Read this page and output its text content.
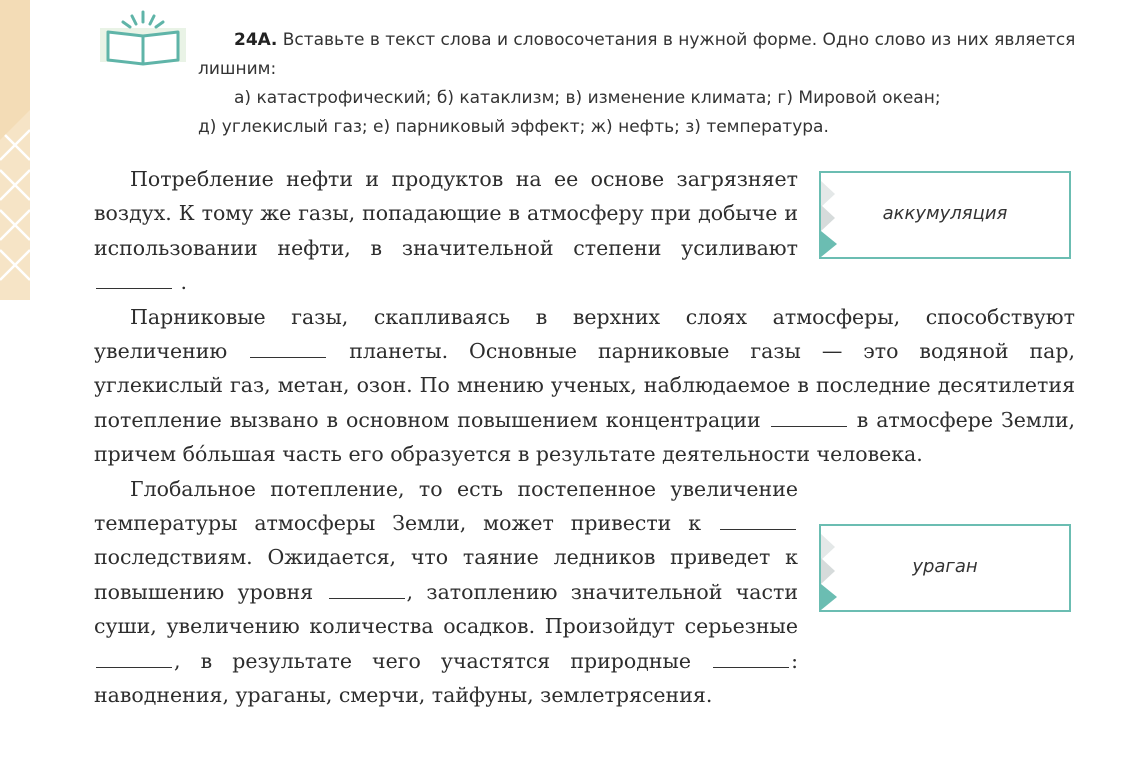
24А. Вставьте в текст слова и словосочетания в нужной форме. Одно слово из них является лишним:

а) катастрофический; б) катаклизм; в) изменение климата; г) Мировой океан;

д) углекислый газ; е) парниковый эффект; ж) нефть; з) температура.

аккумуляция
ураган

Потребление нефти и продуктов на ее основе загрязняет воздух. К тому же газы, попадающие в атмосферу при добыче и использовании нефти, в значительной степени усиливают  .

Парниковые газы, скапливаясь в верхних слоях атмосферы, способствуют увеличению	планеты. Основные парниковые газы — это водяной пар, углекислый газ, метан, озон. По мнению ученых, наблюдаемое в последние десятилетия потепление вызвано в основном повышением концентрации	в атмосфере Земли, причем бо́льшая часть его образуется в результате деятельности человека.

Глобальное потепление, то есть постепенное увеличение температуры атмосферы Земли, может привести к  последствиям. Ожидается, что таяние ледников приведет к повышению уровня	, затоплению значительной части суши, увеличению количества осадков. Произойдут серьезные , в результате чего участятся природные	: наводнения, ураганы, смерчи, тайфуны, землетрясения.
